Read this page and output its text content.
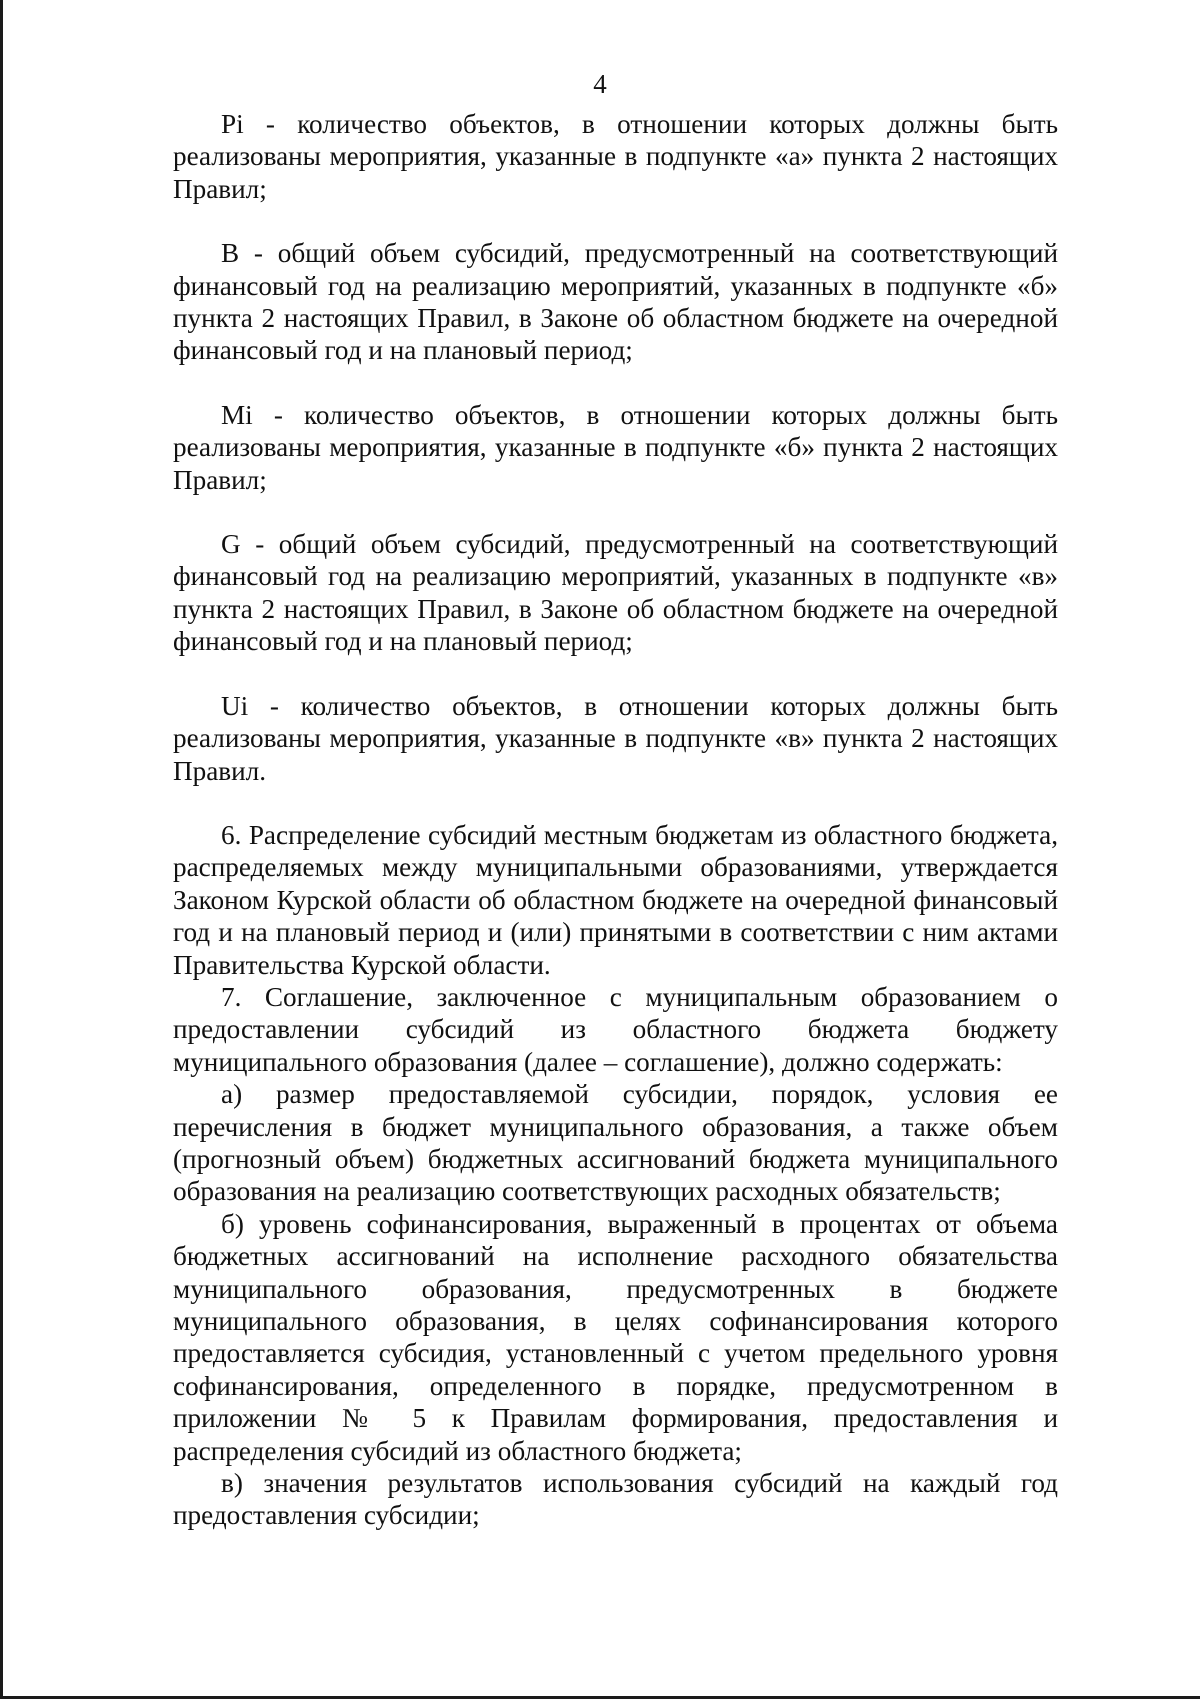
4

Pi - количество объектов, в отношении которых должны быть реализованы мероприятия, указанные в подпункте «а» пункта 2 настоящих Правил;

B - общий объем субсидий, предусмотренный на соответствующий финансовый год на реализацию мероприятий, указанных в подпункте «б» пункта 2 настоящих Правил, в Законе об областном бюджете на очередной финансовый год и на плановый период;

Mi - количество объектов, в отношении которых должны быть реализованы мероприятия, указанные в подпункте «б» пункта 2 настоящих Правил;

G - общий объем субсидий, предусмотренный на соответствующий финансовый год на реализацию мероприятий, указанных в подпункте «в» пункта 2 настоящих Правил, в Законе об областном бюджете на очередной финансовый год и на плановый период;

Ui - количество объектов, в отношении которых должны быть реализованы мероприятия, указанные в подпункте «в» пункта 2 настоящих Правил.

6. Распределение субсидий местным бюджетам из областного бюджета, распределяемых между муниципальными образованиями, утверждается Законом Курской области об областном бюджете на очередной финансовый год и на плановый период и (или) принятыми в соответствии с ним актами Правительства Курской области.

7. Соглашение, заключенное с муниципальным образованием о предоставлении субсидий из областного бюджета бюджету муниципального образования (далее – соглашение), должно содержать:

а) размер предоставляемой субсидии, порядок, условия ее перечисления в бюджет муниципального образования, а также объем (прогнозный объем) бюджетных ассигнований бюджета муниципального образования на реализацию соответствующих расходных обязательств;

б) уровень софинансирования, выраженный в процентах от объема бюджетных ассигнований на исполнение расходного обязательства муниципального образования, предусмотренных в бюджете муниципального образования, в целях софинансирования которого предоставляется субсидия, установленный с учетом предельного уровня софинансирования, определенного в порядке, предусмотренном в приложении № 5 к Правилам формирования, предоставления и распределения субсидий из областного бюджета;

в) значения результатов использования субсидий на каждый год предоставления субсидии;
